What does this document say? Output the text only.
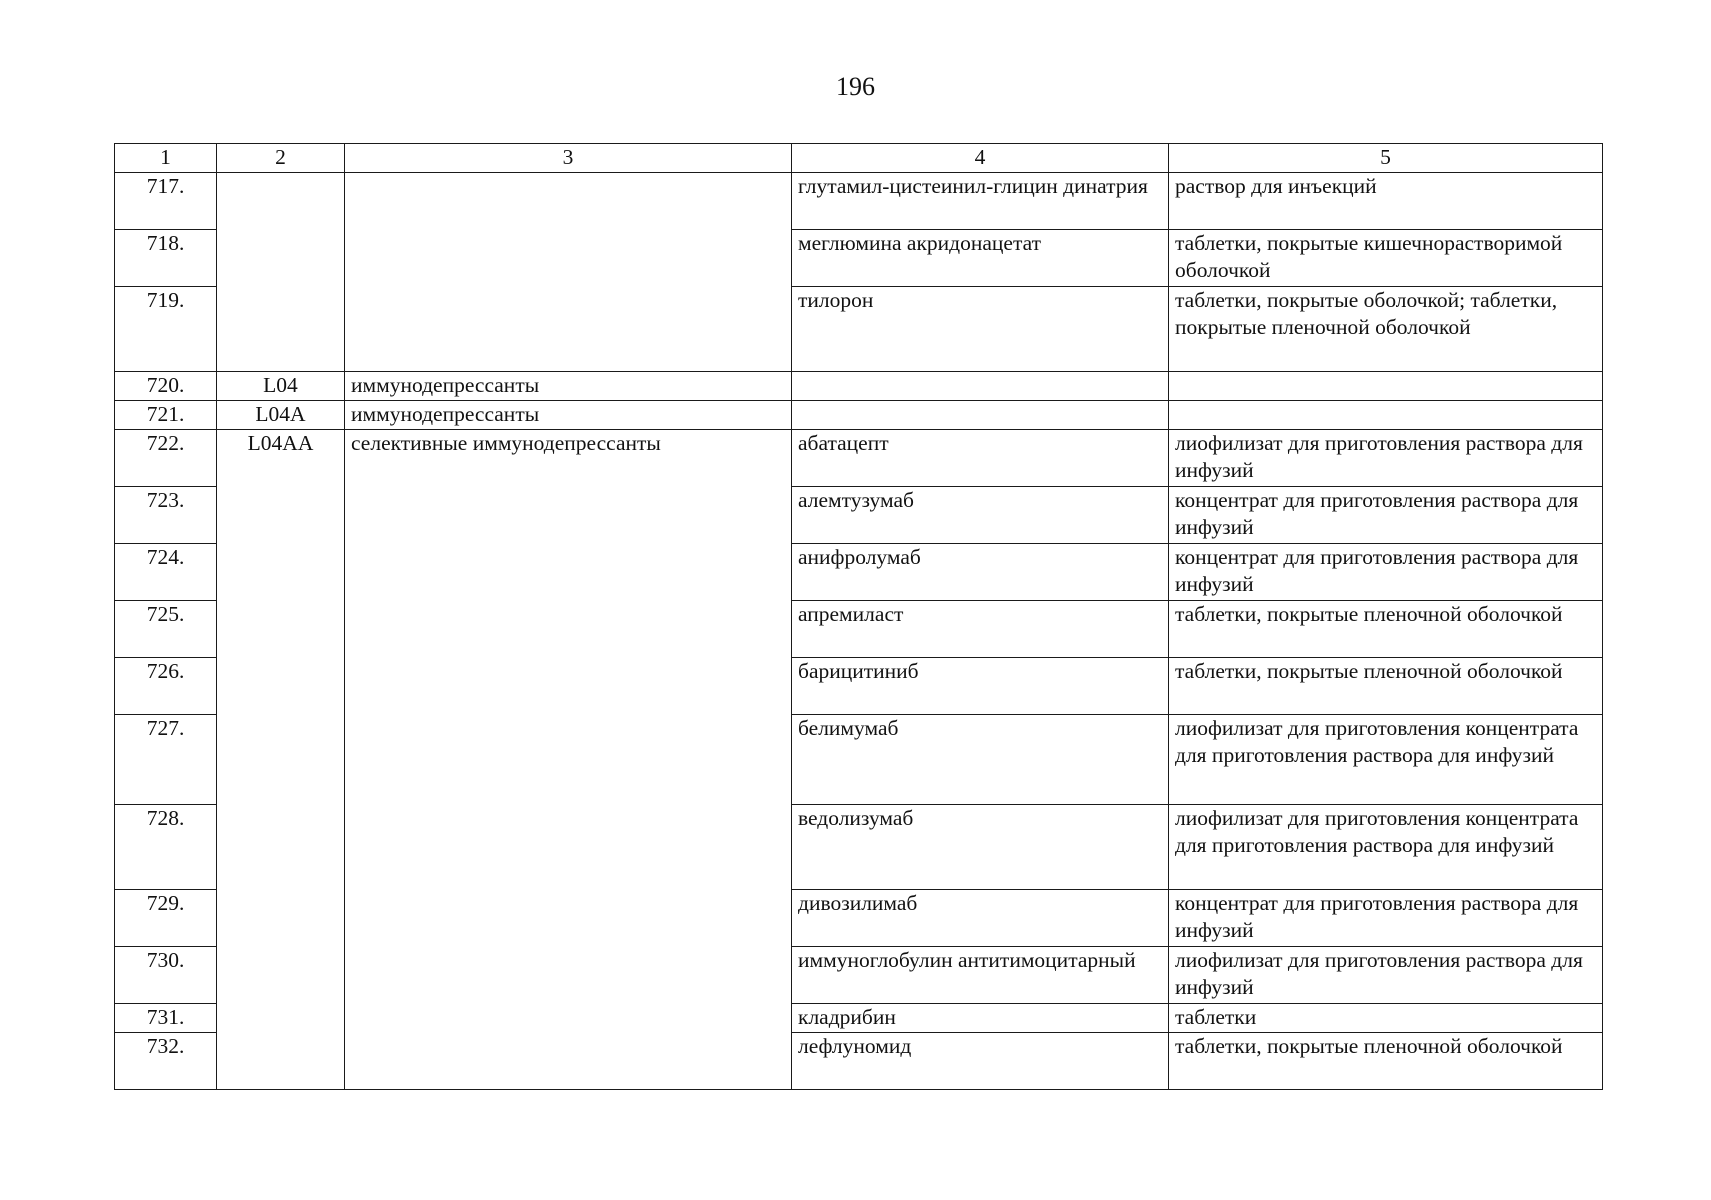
196
1	2	3	4	5
717.			глутамил-цистеинил-глицин динатрия	раствор для инъекций
718.			меглюмина акридонацетат	таблетки, покрытые кишечнорастворимой оболочкой
719.			тилорон	таблетки, покрытые оболочкой; таблетки, покрытые пленочной оболочкой
720.	L04	иммунодепрессанты		
721.	L04A	иммунодепрессанты		
722.	L04AA	селективные иммунодепрессанты	абатацепт	лиофилизат для приготовления раствора для инфузий
723.			алемтузумаб	концентрат для приготовления раствора для инфузий
724.			анифролумаб	концентрат для приготовления раствора для инфузий
725.			апремиласт	таблетки, покрытые пленочной оболочкой
726.			барицитиниб	таблетки, покрытые пленочной оболочкой
727.			белимумаб	лиофилизат для приготовления концентрата для приготовления раствора для инфузий
728.			ведолизумаб	лиофилизат для приготовления концентрата для приготовления раствора для инфузий
729.			дивозилимаб	концентрат для приготовления раствора для инфузий
730.			иммуноглобулин антитимоцитарный	лиофилизат для приготовления раствора для инфузий
731.			кладрибин	таблетки
732.			лефлуномид	таблетки, покрытые пленочной оболочкой
